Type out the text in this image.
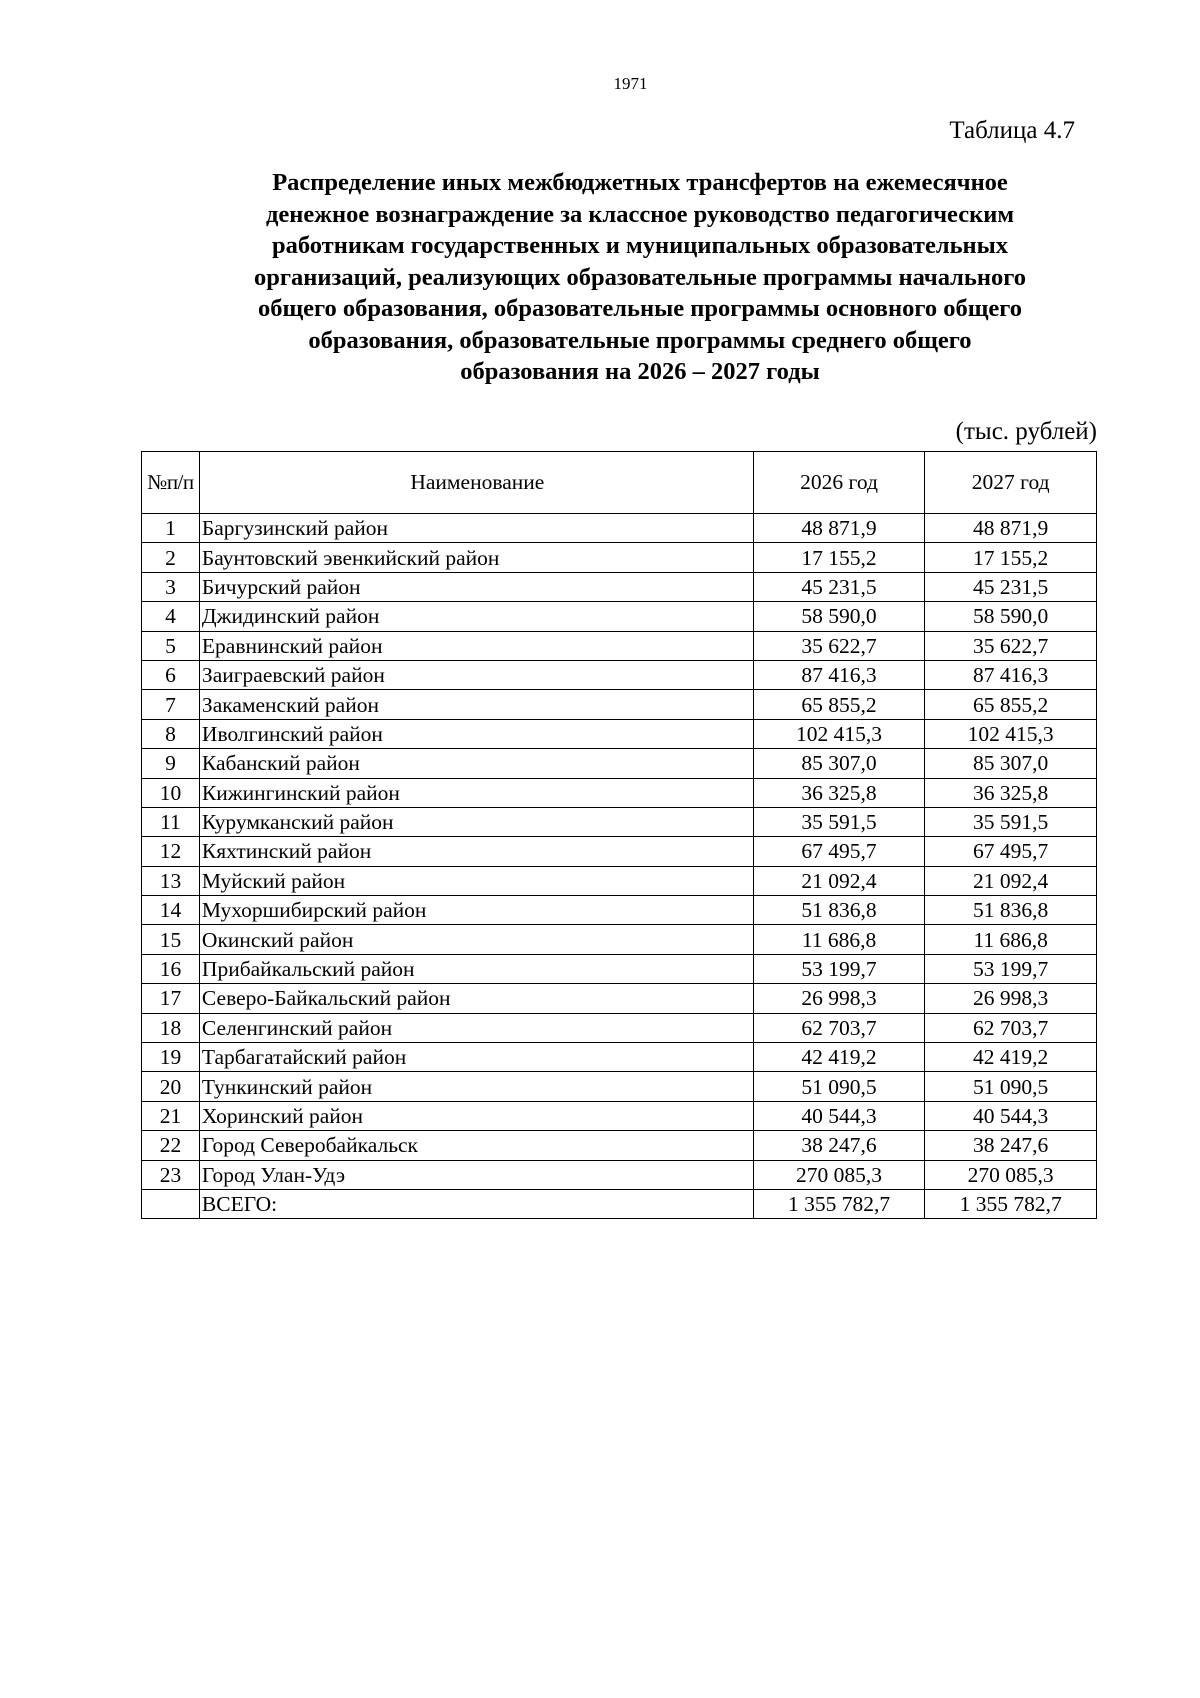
1971
Таблица 4.7
Распределение иных межбюджетных трансфертов на ежемесячное
денежное вознаграждение за классное руководство педагогическим
работникам государственных и муниципальных образовательных
организаций, реализующих образовательные программы начального
общего образования, образовательные программы основного общего
образования, образовательные программы среднего общего
образования на 2026 – 2027 годы
(тыс. рублей)
№п/п	Наименование	2026 год	2027 год
1	Баргузинский район	48 871,9	48 871,9
2	Баунтовский эвенкийский район	17 155,2	17 155,2
3	Бичурский район	45 231,5	45 231,5
4	Джидинский район	58 590,0	58 590,0
5	Еравнинский район	35 622,7	35 622,7
6	Заиграевский район	87 416,3	87 416,3
7	Закаменский район	65 855,2	65 855,2
8	Иволгинский район	102 415,3	102 415,3
9	Кабанский район	85 307,0	85 307,0
10	Кижингинский район	36 325,8	36 325,8
11	Курумканский район	35 591,5	35 591,5
12	Кяхтинский район	67 495,7	67 495,7
13	Муйский район	21 092,4	21 092,4
14	Мухоршибирский район	51 836,8	51 836,8
15	Окинский район	11 686,8	11 686,8
16	Прибайкальский район	53 199,7	53 199,7
17	Северо-Байкальский район	26 998,3	26 998,3
18	Селенгинский район	62 703,7	62 703,7
19	Тарбагатайский район	42 419,2	42 419,2
20	Тункинский район	51 090,5	51 090,5
21	Хоринский район	40 544,3	40 544,3
22	Город Северобайкальск	38 247,6	38 247,6
23	Город Улан-Удэ	270 085,3	270 085,3
	ВСЕГО:	1 355 782,7	1 355 782,7
